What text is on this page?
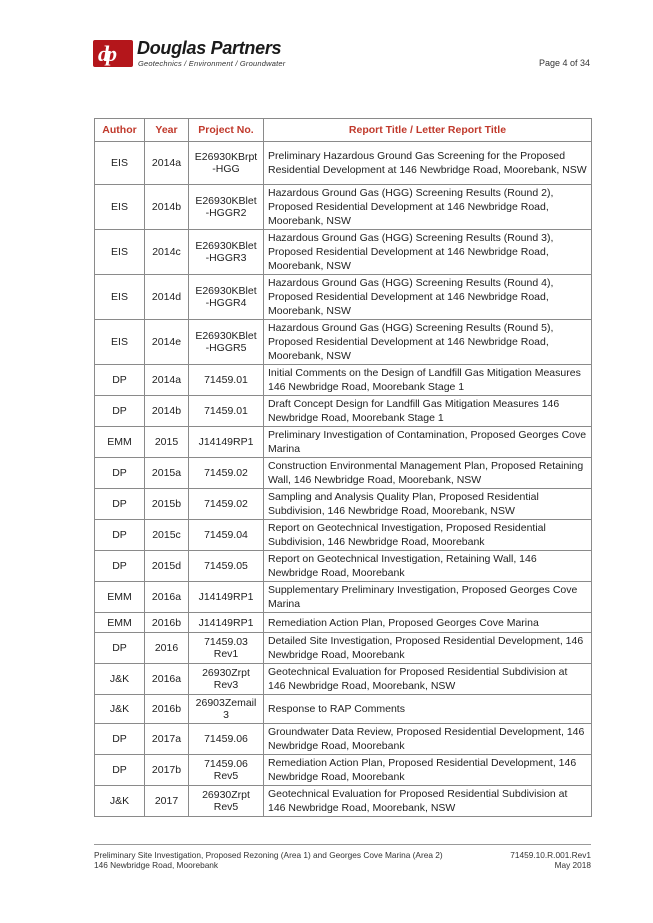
dp Douglas Partners
Geotechnics / Environment / Groundwater	Page 4 of 34
Author	Year	Project No.	Report Title / Letter Report Title
EIS	2014a	E26930KBrpt -HGG	Preliminary Hazardous Ground Gas Screening for the Proposed Residential Development at 146 Newbridge Road, Moorebank, NSW
EIS	2014b	E26930KBlet -HGGR2	Hazardous Ground Gas (HGG) Screening Results (Round 2), Proposed Residential Development at 146 Newbridge Road, Moorebank, NSW
EIS	2014c	E26930KBlet -HGGR3	Hazardous Ground Gas (HGG) Screening Results (Round 3), Proposed Residential Development at 146 Newbridge Road, Moorebank, NSW
EIS	2014d	E26930KBlet -HGGR4	Hazardous Ground Gas (HGG) Screening Results (Round 4), Proposed Residential Development at 146 Newbridge Road, Moorebank, NSW
EIS	2014e	E26930KBlet -HGGR5	Hazardous Ground Gas (HGG) Screening Results (Round 5), Proposed Residential Development at 146 Newbridge Road, Moorebank, NSW
DP	2014a	71459.01	Initial Comments on the Design of Landfill Gas Mitigation Measures 146 Newbridge Road, Moorebank Stage 1
DP	2014b	71459.01	Draft Concept Design for Landfill Gas Mitigation Measures 146 Newbridge Road, Moorebank Stage 1
EMM	2015	J14149RP1	Preliminary Investigation of Contamination, Proposed Georges Cove Marina
DP	2015a	71459.02	Construction Environmental Management Plan, Proposed Retaining Wall, 146 Newbridge Road, Moorebank, NSW
DP	2015b	71459.02	Sampling and Analysis Quality Plan, Proposed Residential Subdivision, 146 Newbridge Road, Moorebank, NSW
DP	2015c	71459.04	Report on Geotechnical Investigation, Proposed Residential Subdivision, 146 Newbridge Road, Moorebank
DP	2015d	71459.05	Report on Geotechnical Investigation, Retaining Wall, 146 Newbridge Road, Moorebank
EMM	2016a	J14149RP1	Supplementary Preliminary Investigation, Proposed Georges Cove Marina
EMM	2016b	J14149RP1	Remediation Action Plan, Proposed Georges Cove Marina
DP	2016	71459.03 Rev1	Detailed Site Investigation, Proposed Residential Development, 146 Newbridge Road, Moorebank
J&K	2016a	26930Zrpt Rev3	Geotechnical Evaluation for Proposed Residential Subdivision at 146 Newbridge Road, Moorebank, NSW
J&K	2016b	26903Zemail 3	Response to RAP Comments
DP	2017a	71459.06	Groundwater Data Review, Proposed Residential Development, 146 Newbridge Road, Moorebank
DP	2017b	71459.06 Rev5	Remediation Action Plan, Proposed Residential Development, 146 Newbridge Road, Moorebank
J&K	2017	26930Zrpt Rev5	Geotechnical Evaluation for Proposed Residential Subdivision at 146 Newbridge Road, Moorebank, NSW
Preliminary Site Investigation, Proposed Rezoning (Area 1) and Georges Cove Marina (Area 2)
146 Newbridge Road, Moorebank
71459.10.R.001.Rev1
May 2018
